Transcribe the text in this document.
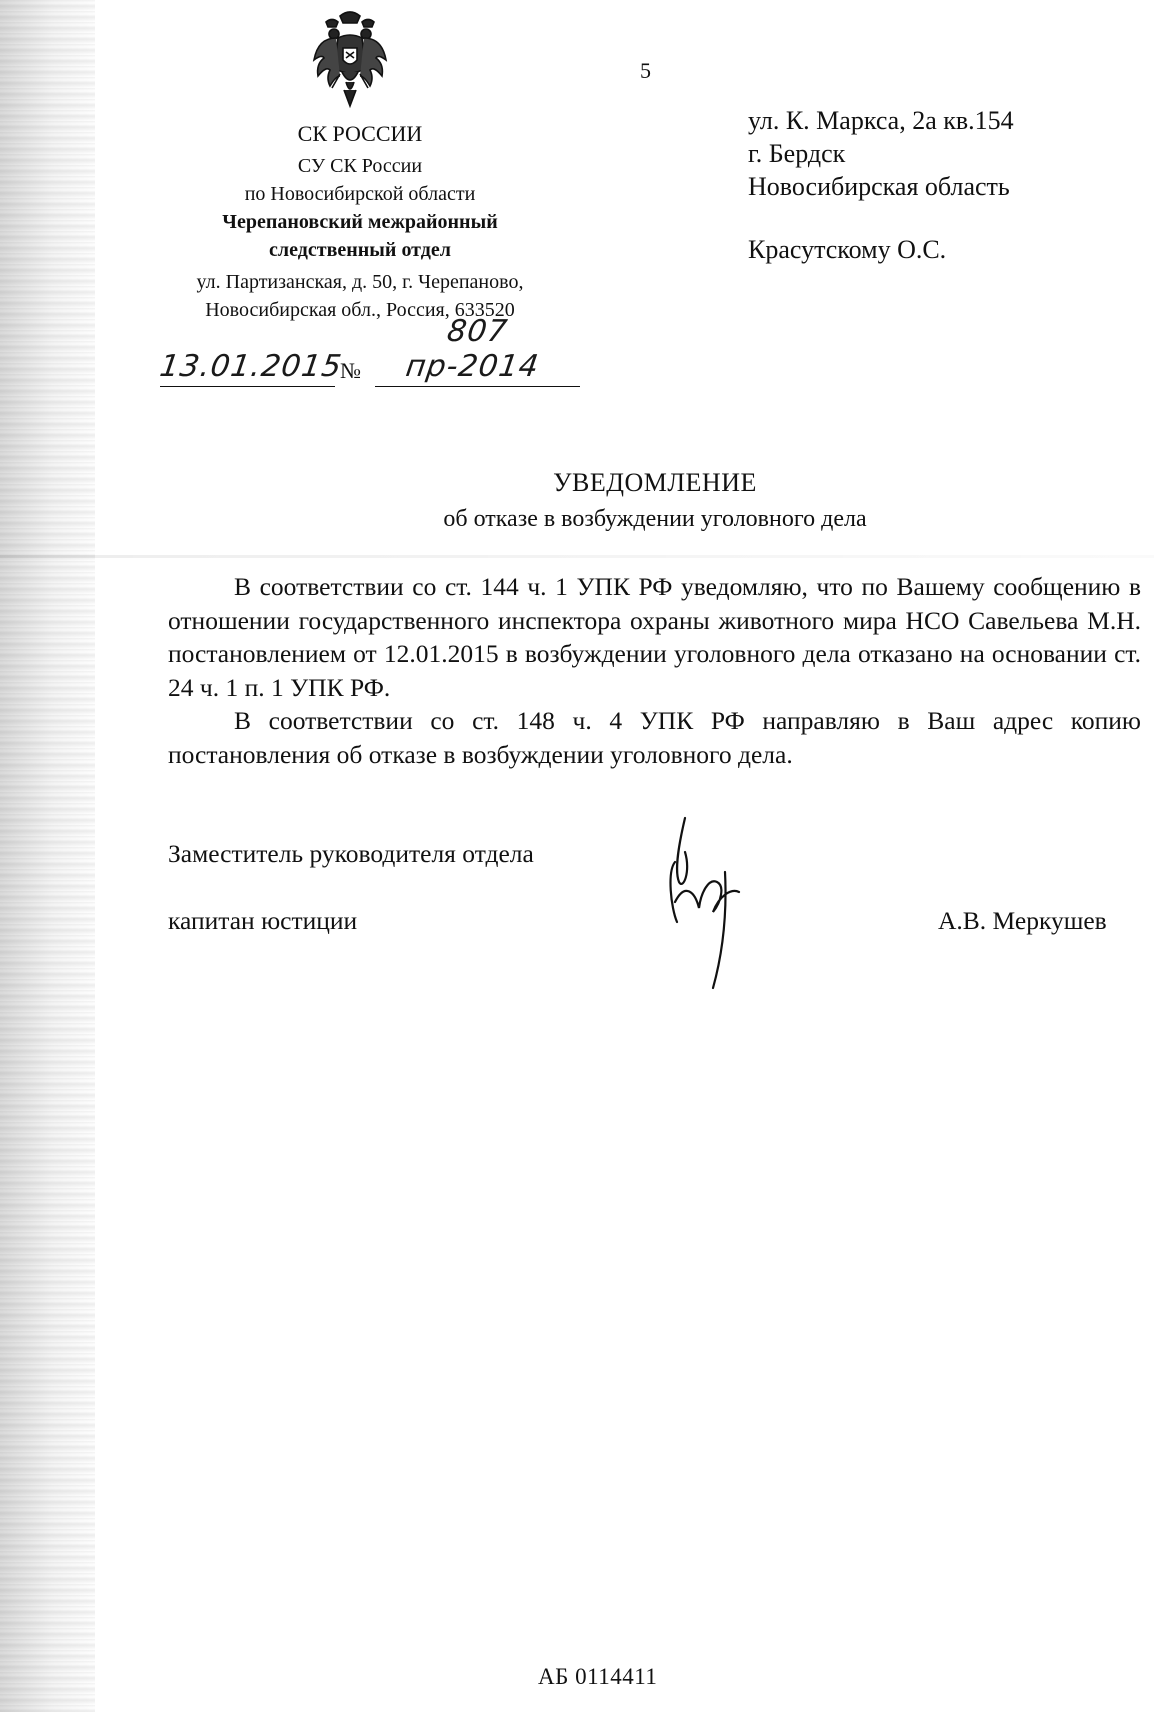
5
СК РОССИИ
СУ СК России
по Новосибирской области
Черепановский межрайонный
следственный отдел
ул. Партизанская, д. 50, г. Черепаново,
Новосибирская обл., Россия, 633520
13.01.2015
№
807 пр-2014
ул. К. Маркса, 2а кв.154
г. Бердск
Новосибирская область
Красутскому О.С.
УВЕДОМЛЕНИЕ
об отказе в возбуждении уголовного дела

В соответствии со ст. 144 ч. 1 УПК РФ уведомляю, что по Вашему сообщению в отношении государственного инспектора охраны животного мира НСО Савельева М.Н. постановлением от 12.01.2015 в возбуждении уголовного дела отказано на основании ст. 24 ч. 1 п. 1 УПК РФ.

В соответствии со ст. 148 ч. 4 УПК РФ направляю в Ваш адрес копию постановления об отказе в возбуждении уголовного дела.

Заместитель руководителя отдела
капитан юстиции	А.В. Меркушев
АБ 0114411
